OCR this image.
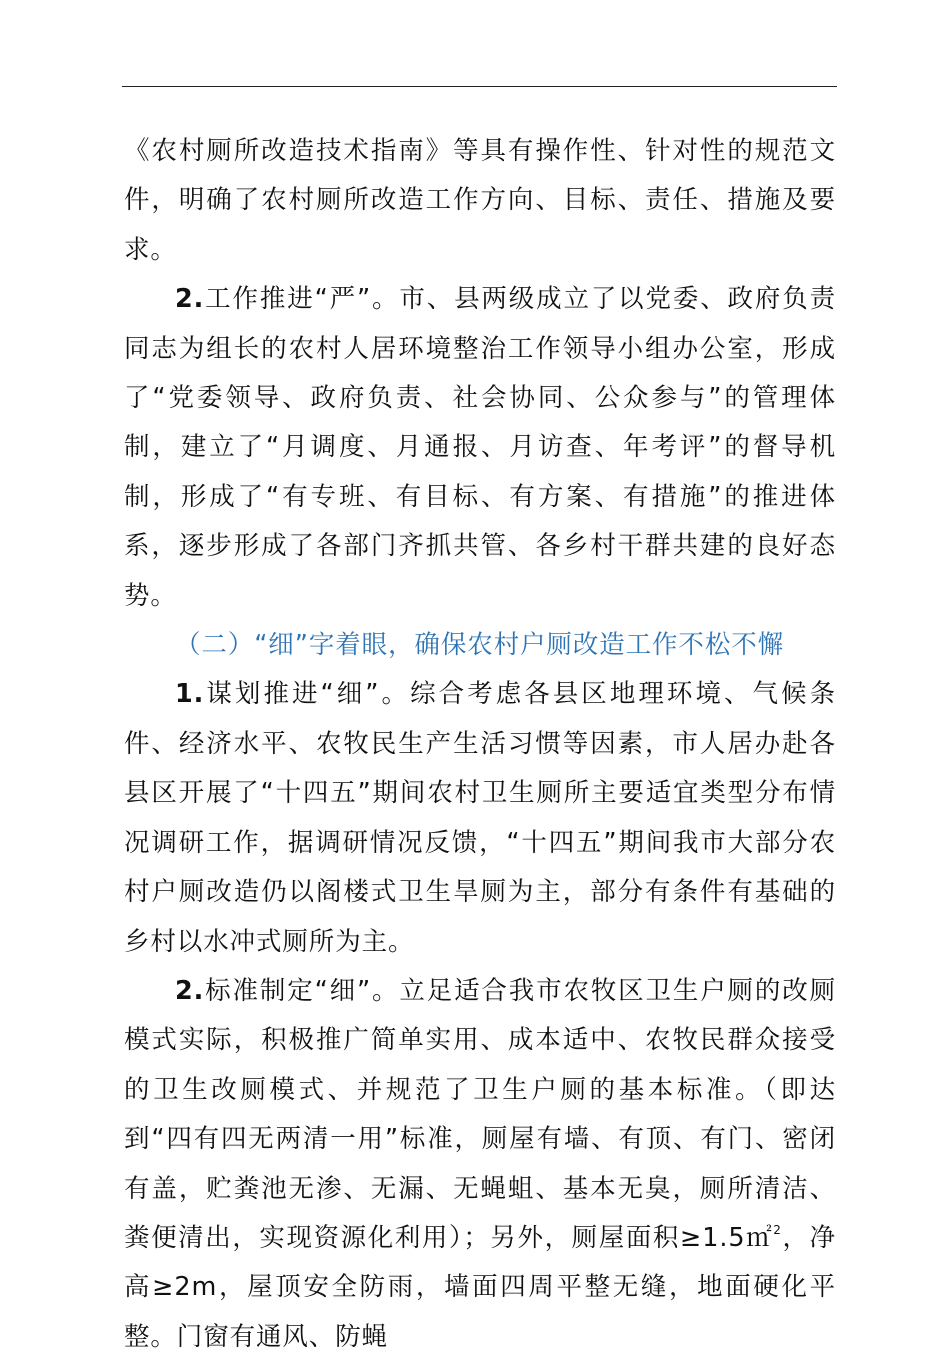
《农村厕所改造技术指南》等具有操作性、针对性的规范文件，明确了农村厕所改造工作方向、目标、责任、措施及要求。

2.工作推进“严”。市、县两级成立了以党委、政府负责同志为组长的农村人居环境整治工作领导小组办公室，形成了“党委领导、政府负责、社会协同、公众参与”的管理体制，建立了“月调度、月通报、月访查、年考评”的督导机制，形成了“有专班、有目标、有方案、有措施”的推进体系，逐步形成了各部门齐抓共管、各乡村干群共建的良好态势。

（二）“细”字着眼，确保农村户厕改造工作不松不懈

1.谋划推进“细”。综合考虑各县区地理环境、气候条件、经济水平、农牧民生产生活习惯等因素，市人居办赴各县区开展了“十四五”期间农村卫生厕所主要适宜类型分布情况调研工作，据调研情况反馈，“十四五”期间我市大部分农村户厕改造仍以阁楼式卫生旱厕为主，部分有条件有基础的乡村以水冲式厕所为主。

2.标准制定“细”。立足适合我市农牧区卫生户厕的改厕模式实际，积极推广简单实用、成本适中、农牧民群众接受的卫生改厕模式、并规范了卫生户厕的基本标准。（即达到“四有四无两清一用”标准，厕屋有墙、有顶、有门、密闭有盖，贮粪池无渗、无漏、无蝇蛆、基本无臭，厕所清洁、粪便清出，实现资源化利用）；另外，厕屋面积≥1.5㎡$^2$，净高≥2m，屋顶安全防雨，墙面四周平整无缝，地面硬化平整。门窗有通风、防蝇
